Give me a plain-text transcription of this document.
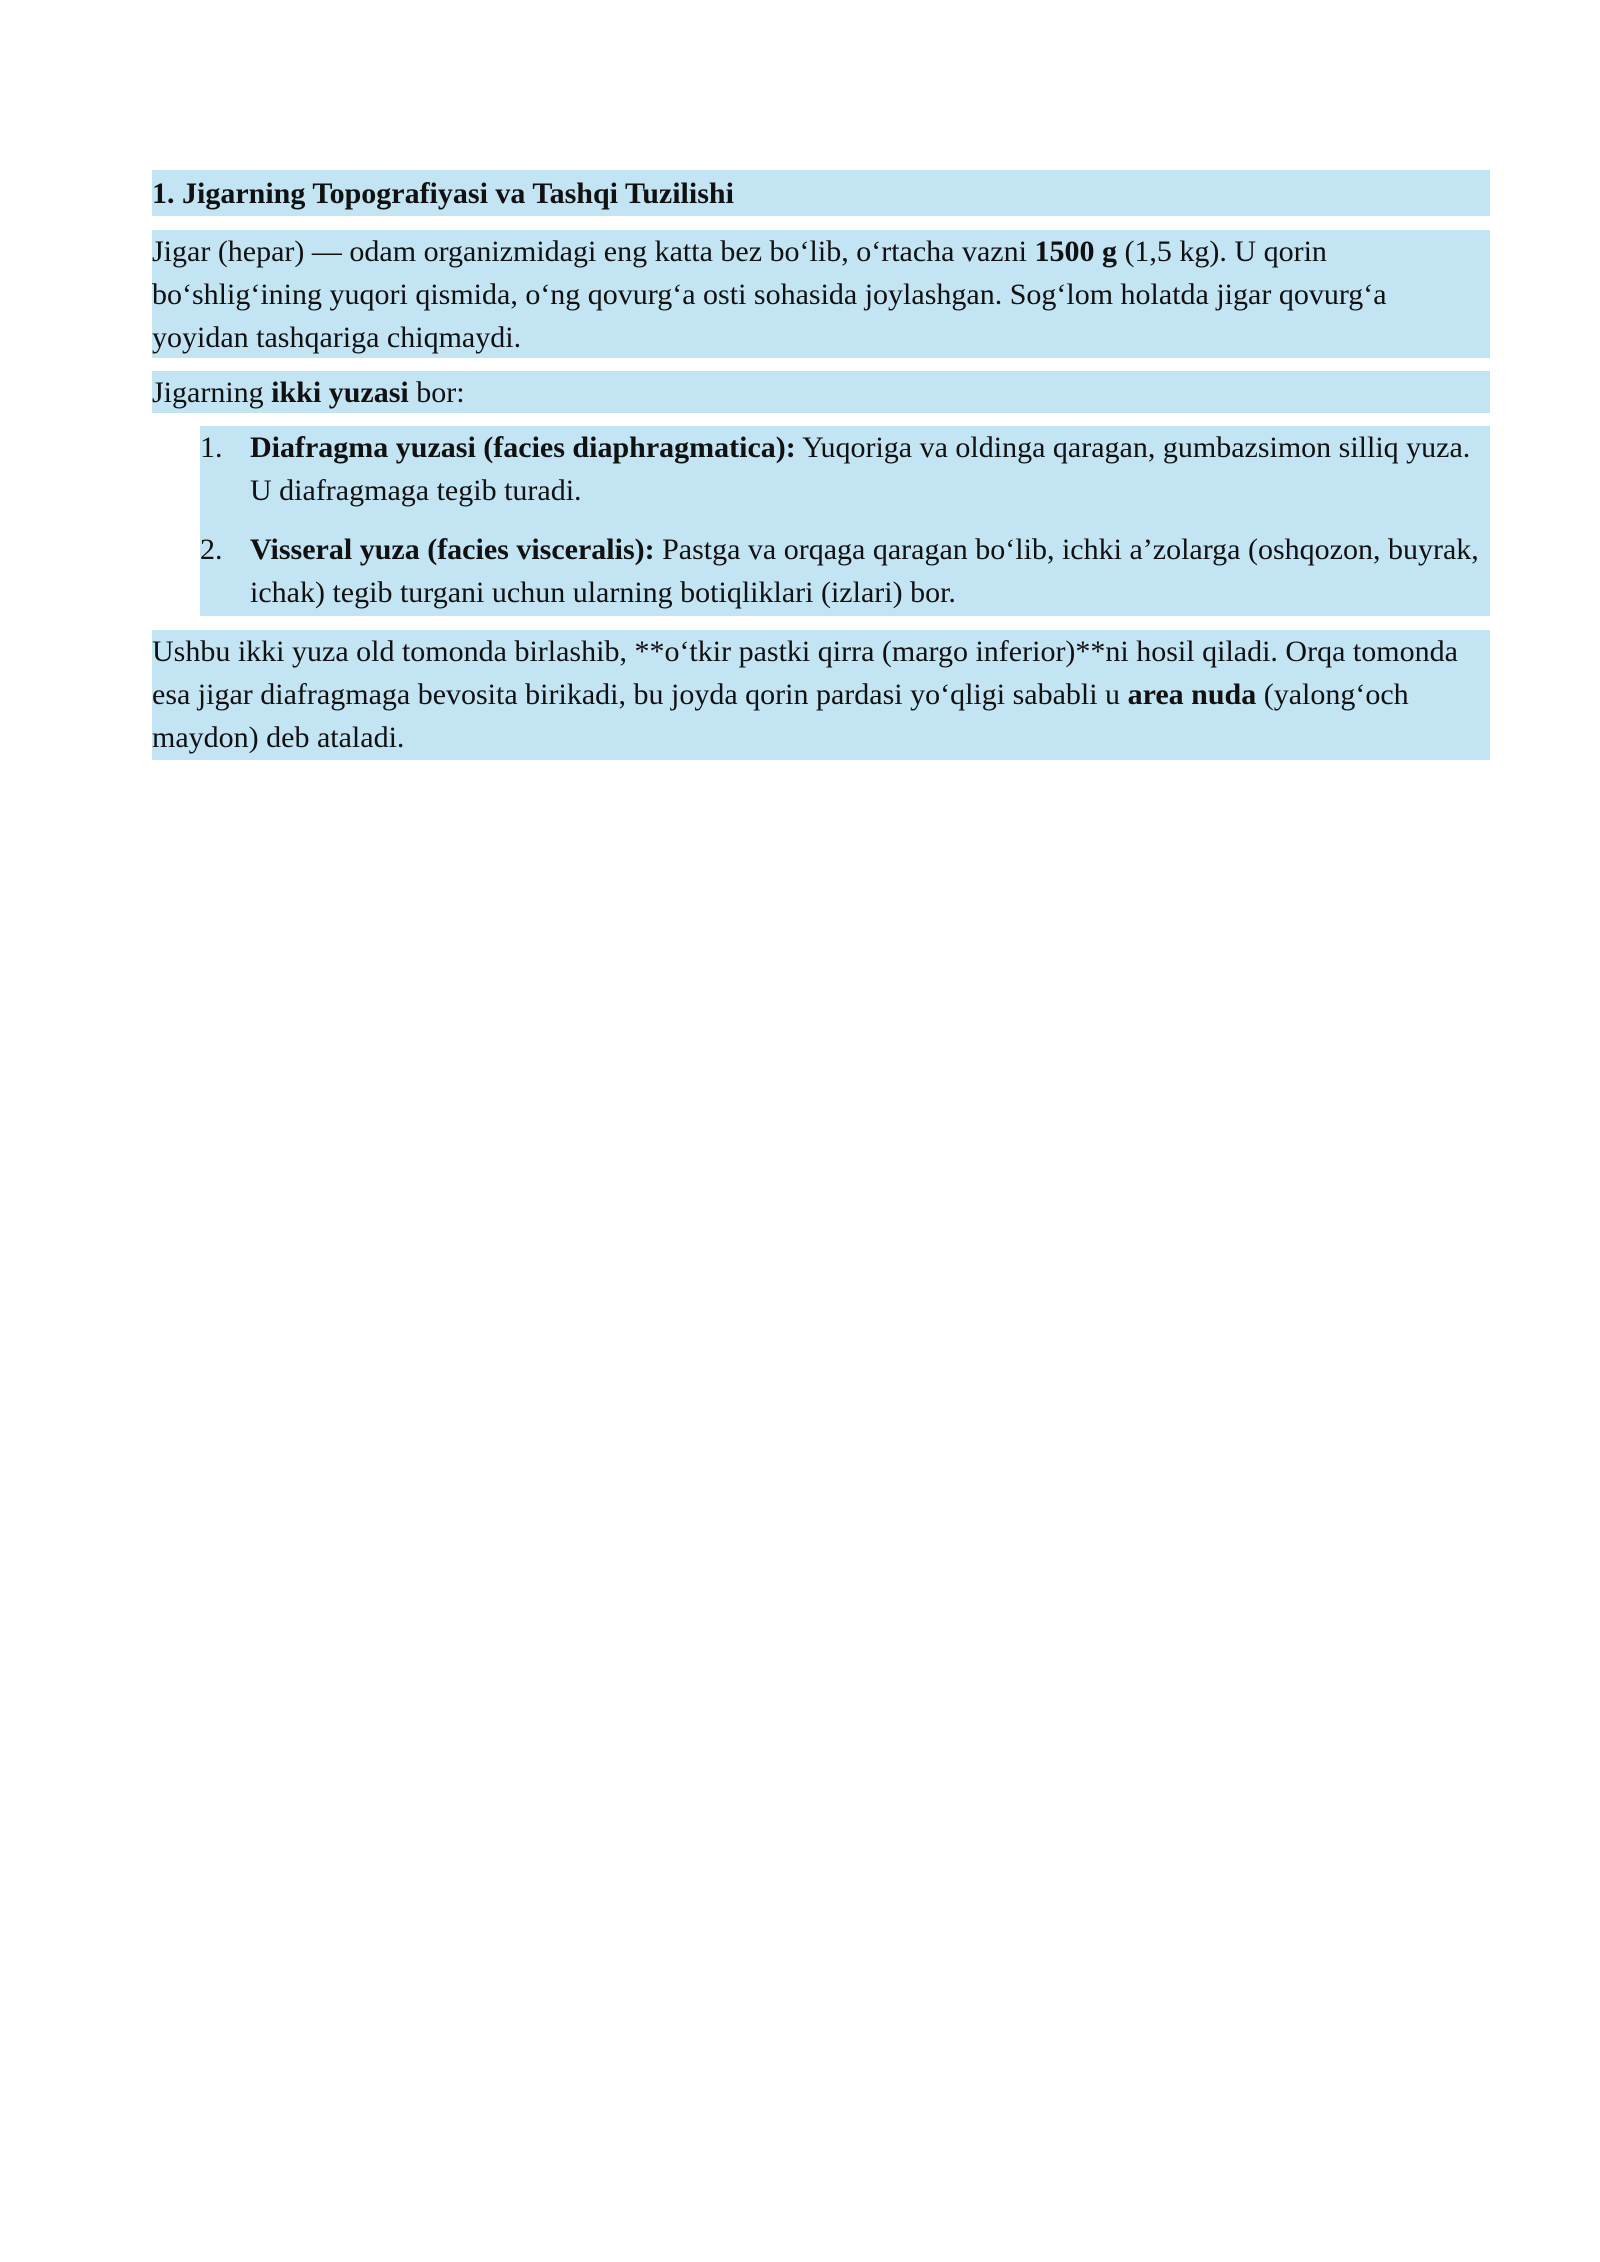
1. Jigarning Topografiyasi va Tashqi Tuzilishi
Jigar (hepar) — odam organizmidagi eng katta bez bo‘lib, o‘rtacha vazni 1500 g (1,5 kg). U qorin bo‘shlig‘ining yuqori qismida, o‘ng qovurg‘a osti sohasida joylashgan. Sog‘lom holatda jigar qovurg‘a yoyidan tashqariga chiqmaydi.
Jigarning ikki yuzasi bor:
1. Diafragma yuzasi (facies diaphragmatica): Yuqoriga va oldinga qaragan, gumbazsimon silliq yuza. U diafragmaga tegib turadi.
2. Visseral yuza (facies visceralis): Pastga va orqaga qaragan bo‘lib, ichki a’zolarga (oshqozon, buyrak, ichak) tegib turgani uchun ularning botiqliklari (izlari) bor.
Ushbu ikki yuza old tomonda birlashib, **o‘tkir pastki qirra (margo inferior)**ni hosil qiladi. Orqa tomonda esa jigar diafragmaga bevosita birikadi, bu joyda qorin pardasi yo‘qligi sababli u area nuda (yalong‘och maydon) deb ataladi.
